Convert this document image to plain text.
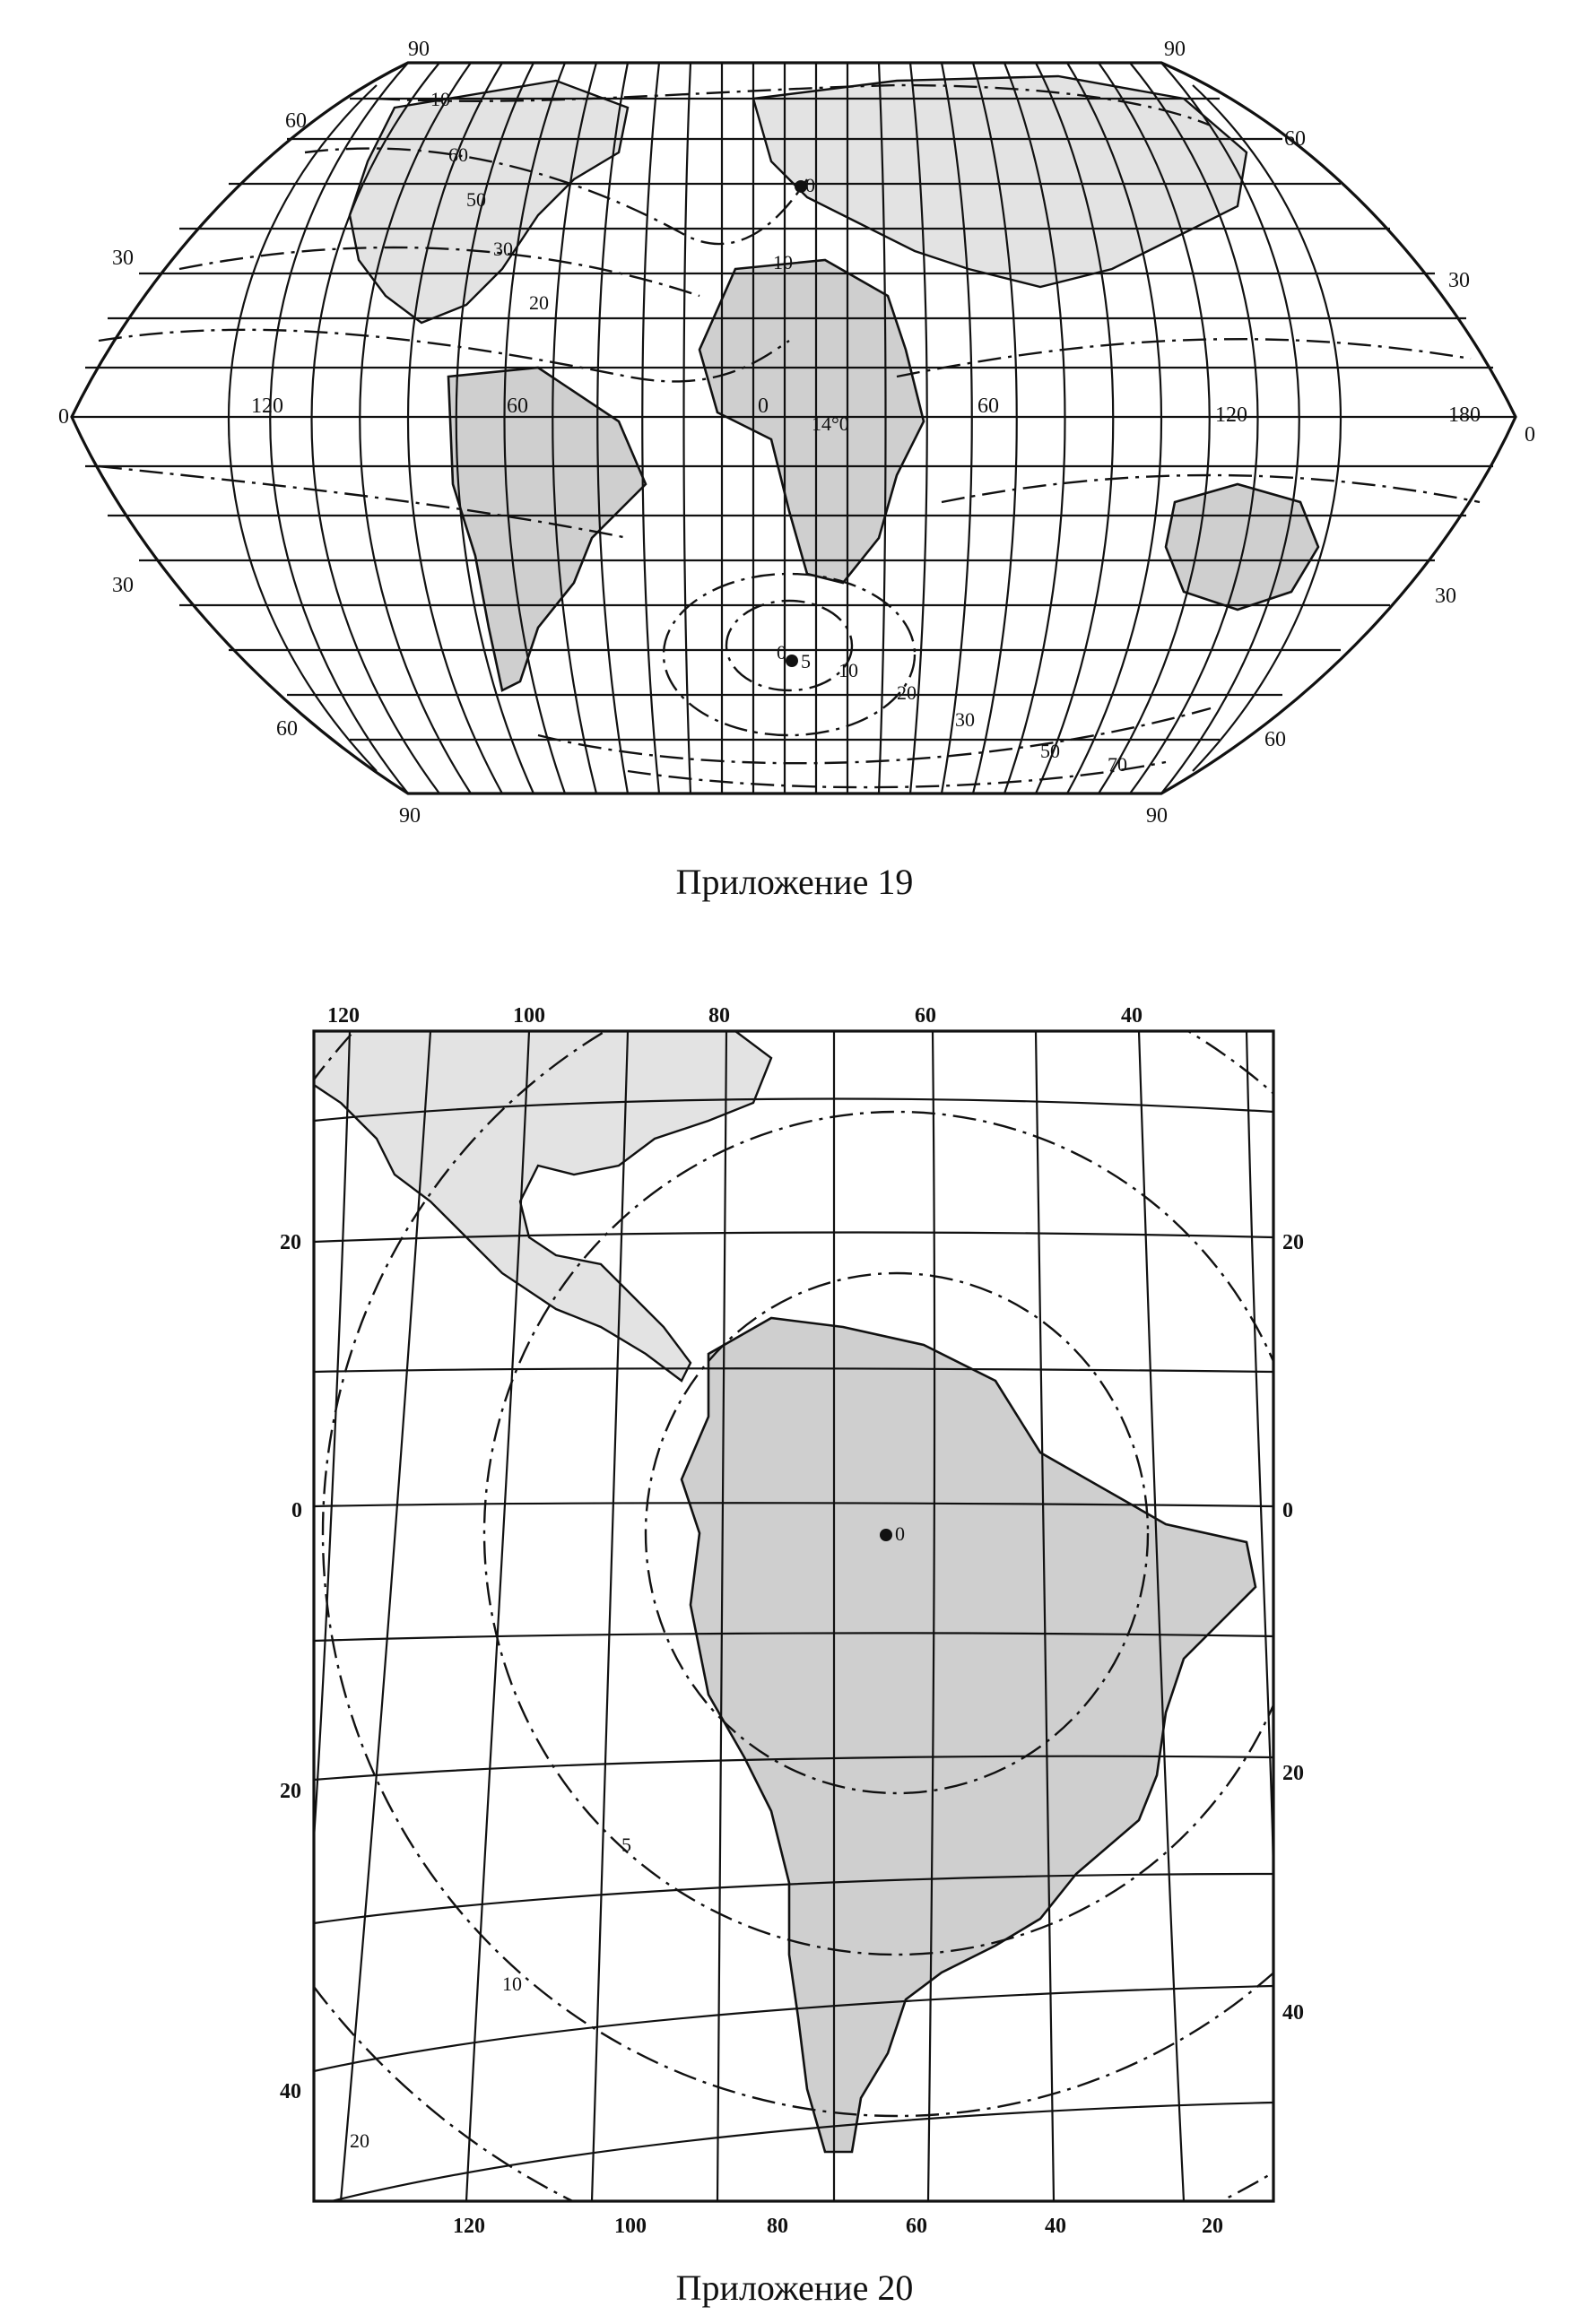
90	90
60
60
30
30
0
0
30	30
60	60
90	90
120	60	0	60	120	180
10
60
50
30
20
10
0
14°0
0 5 10
20
30
50
70
120	100	80	60	40
120	100	80	60	40	20
20
0
20
40
20
0
20
40
0
5
10
20
Приложение 19
Приложение 20
